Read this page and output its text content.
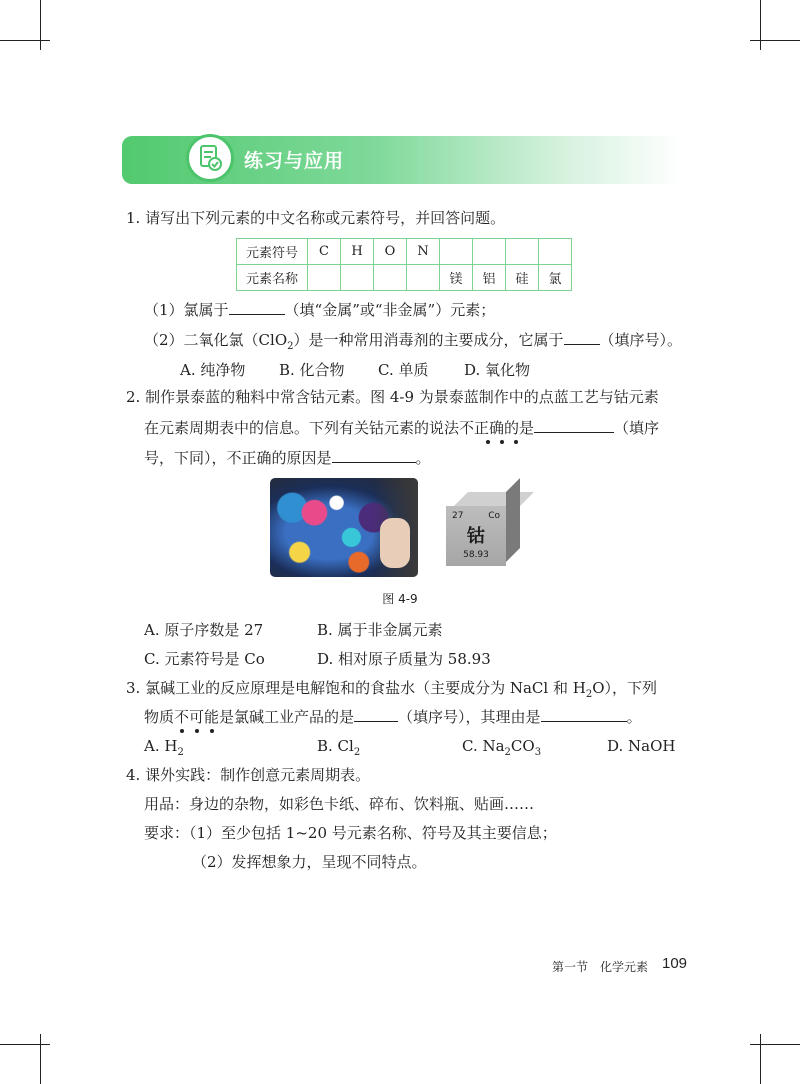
练习与应用
1. 请写出下列元素的中文名称或元素符号，并回答问题。
元素符号	C	H	O	N				
元素名称					镁	铝	硅	氯
（1）氯属于	（填“金属”或“非金属”）元素；
（2）二氧化氯（ClO$_2$）是一种常用消毒剂的主要成分，它属于 （填序号）。
A. 纯净物 B. 化合物 C. 单质 D. 氧化物
2. 制作景泰蓝的釉料中常含钴元素。图 4-9 为景泰蓝制作中的点蓝工艺与钴元素
在元素周期表中的信息。下列有关钴元素的说法不正确的是	（填序
号，下同），不正确的原因是	。
27	Co
钴
58.93
图 4-9
A. 原子序数是 27	B. 属于非金属元素
C. 元素符号是 Co	D. 相对原子质量为 58.93
3. 氯碱工业的反应原理是电解饱和的食盐水（主要成分为 NaCl 和 $H_2O$），下列
物质不可能是氯碱工业产品的是	（填序号），其理由是	。
A. $H_2$	B. $Cl_2$	C. $Na_2CO_3$	D. NaOH
4. 课外实践：制作创意元素周期表。
用品：身边的杂物，如彩色卡纸、碎布、饮料瓶、贴画……
要求：（1）至少包括 1~20 号元素名称、符号及其主要信息；
（2）发挥想象力，呈现不同特点。
第一节　化学元素 109
